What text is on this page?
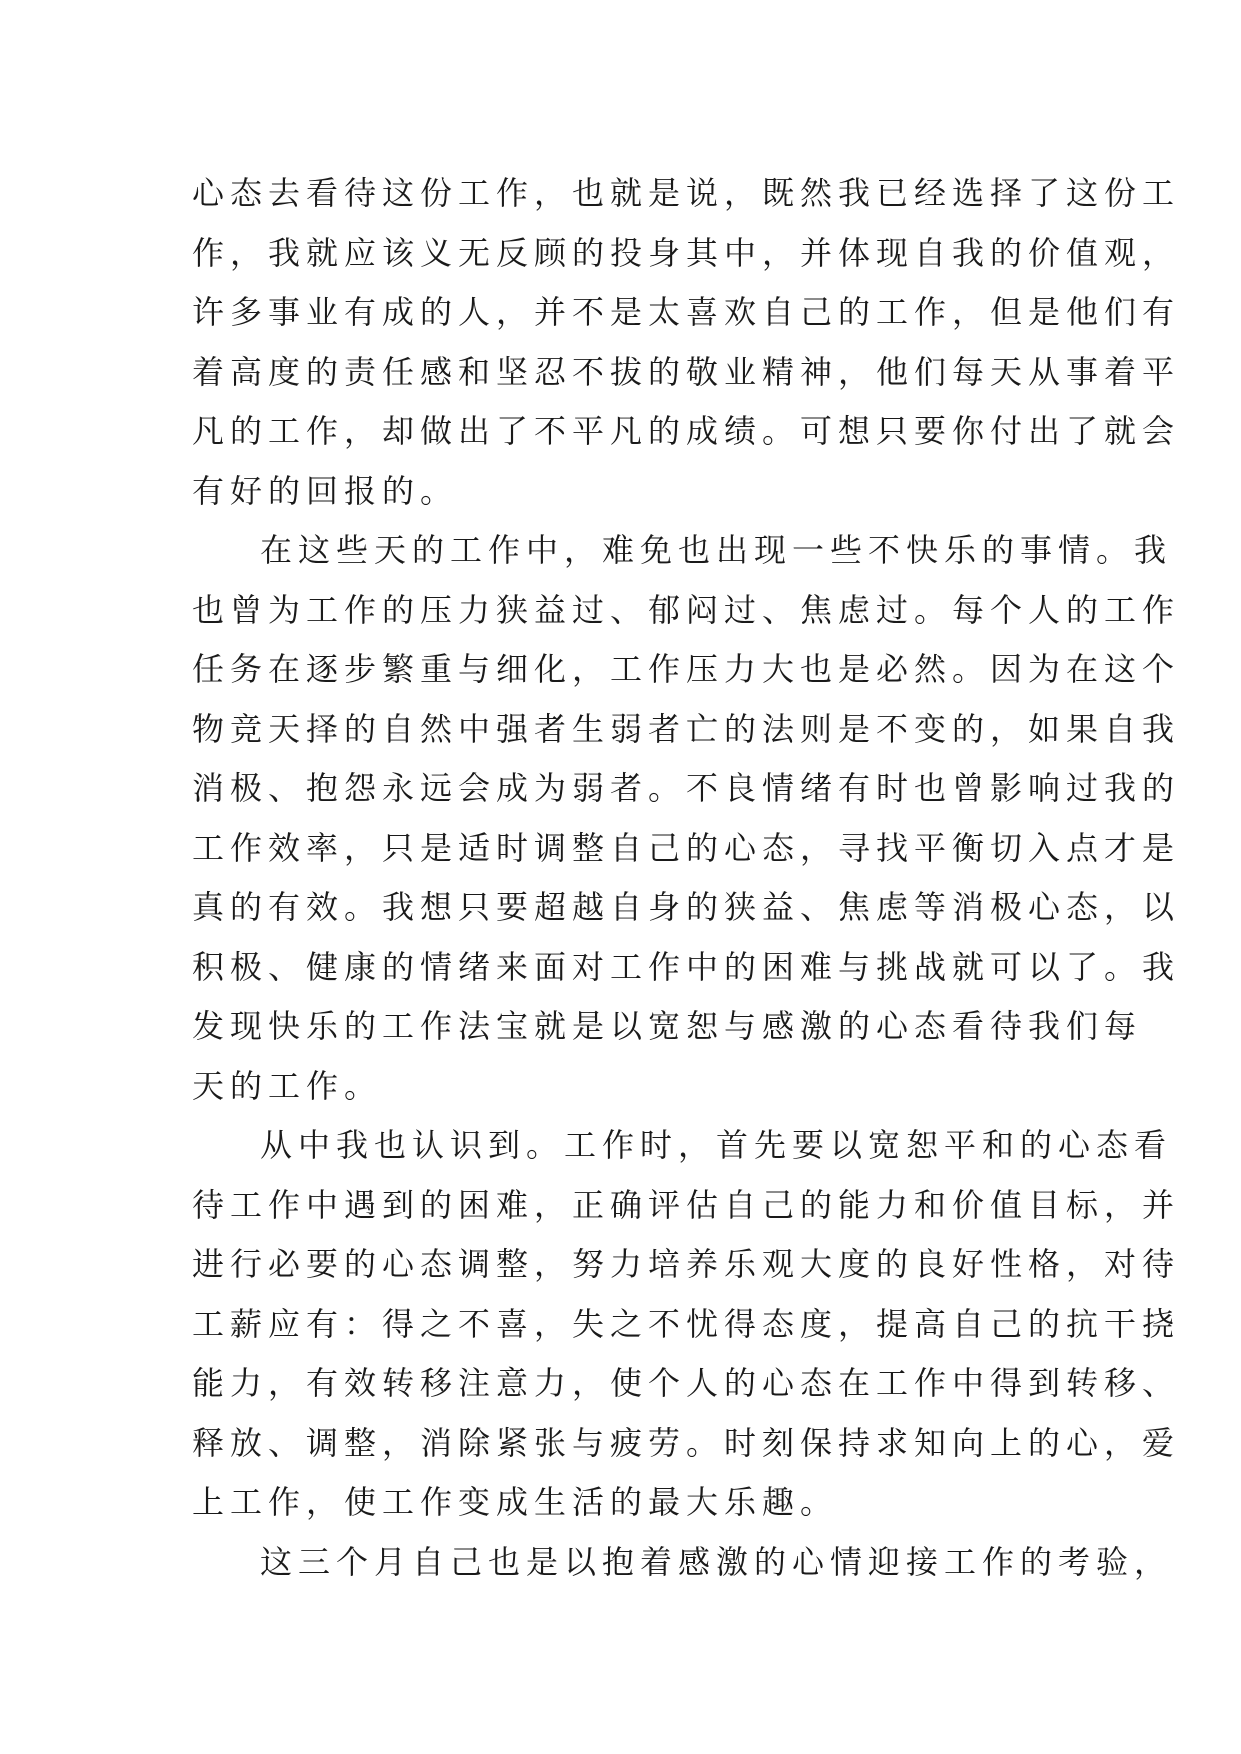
心态去看待这份工作，也就是说，既然我已经选择了这份工
作，我就应该义无反顾的投身其中，并体现自我的价值观，
许多事业有成的人，并不是太喜欢自己的工作，但是他们有
着高度的责任感和坚忍不拔的敬业精神，他们每天从事着平
凡的工作，却做出了不平凡的成绩。可想只要你付出了就会
有好的回报的。
在这些天的工作中，难免也出现一些不快乐的事情。我
也曾为工作的压力狭益过、郁闷过、焦虑过。每个人的工作
任务在逐步繁重与细化，工作压力大也是必然。因为在这个
物竞天择的自然中强者生弱者亡的法则是不变的，如果自我
消极、抱怨永远会成为弱者。不良情绪有时也曾影响过我的
工作效率，只是适时调整自己的心态，寻找平衡切入点才是
真的有效。我想只要超越自身的狭益、焦虑等消极心态，以
积极、健康的情绪来面对工作中的困难与挑战就可以了。我
发现快乐的工作法宝就是以宽恕与感激的心态看待我们每
天的工作。
从中我也认识到。工作时，首先要以宽恕平和的心态看
待工作中遇到的困难，正确评估自己的能力和价值目标，并
进行必要的心态调整，努力培养乐观大度的良好性格，对待
工薪应有：得之不喜，失之不忧得态度，提高自己的抗干挠
能力，有效转移注意力，使个人的心态在工作中得到转移、
释放、调整，消除紧张与疲劳。时刻保持求知向上的心，爱
上工作，使工作变成生活的最大乐趣。
这三个月自己也是以抱着感激的心情迎接工作的考验，
